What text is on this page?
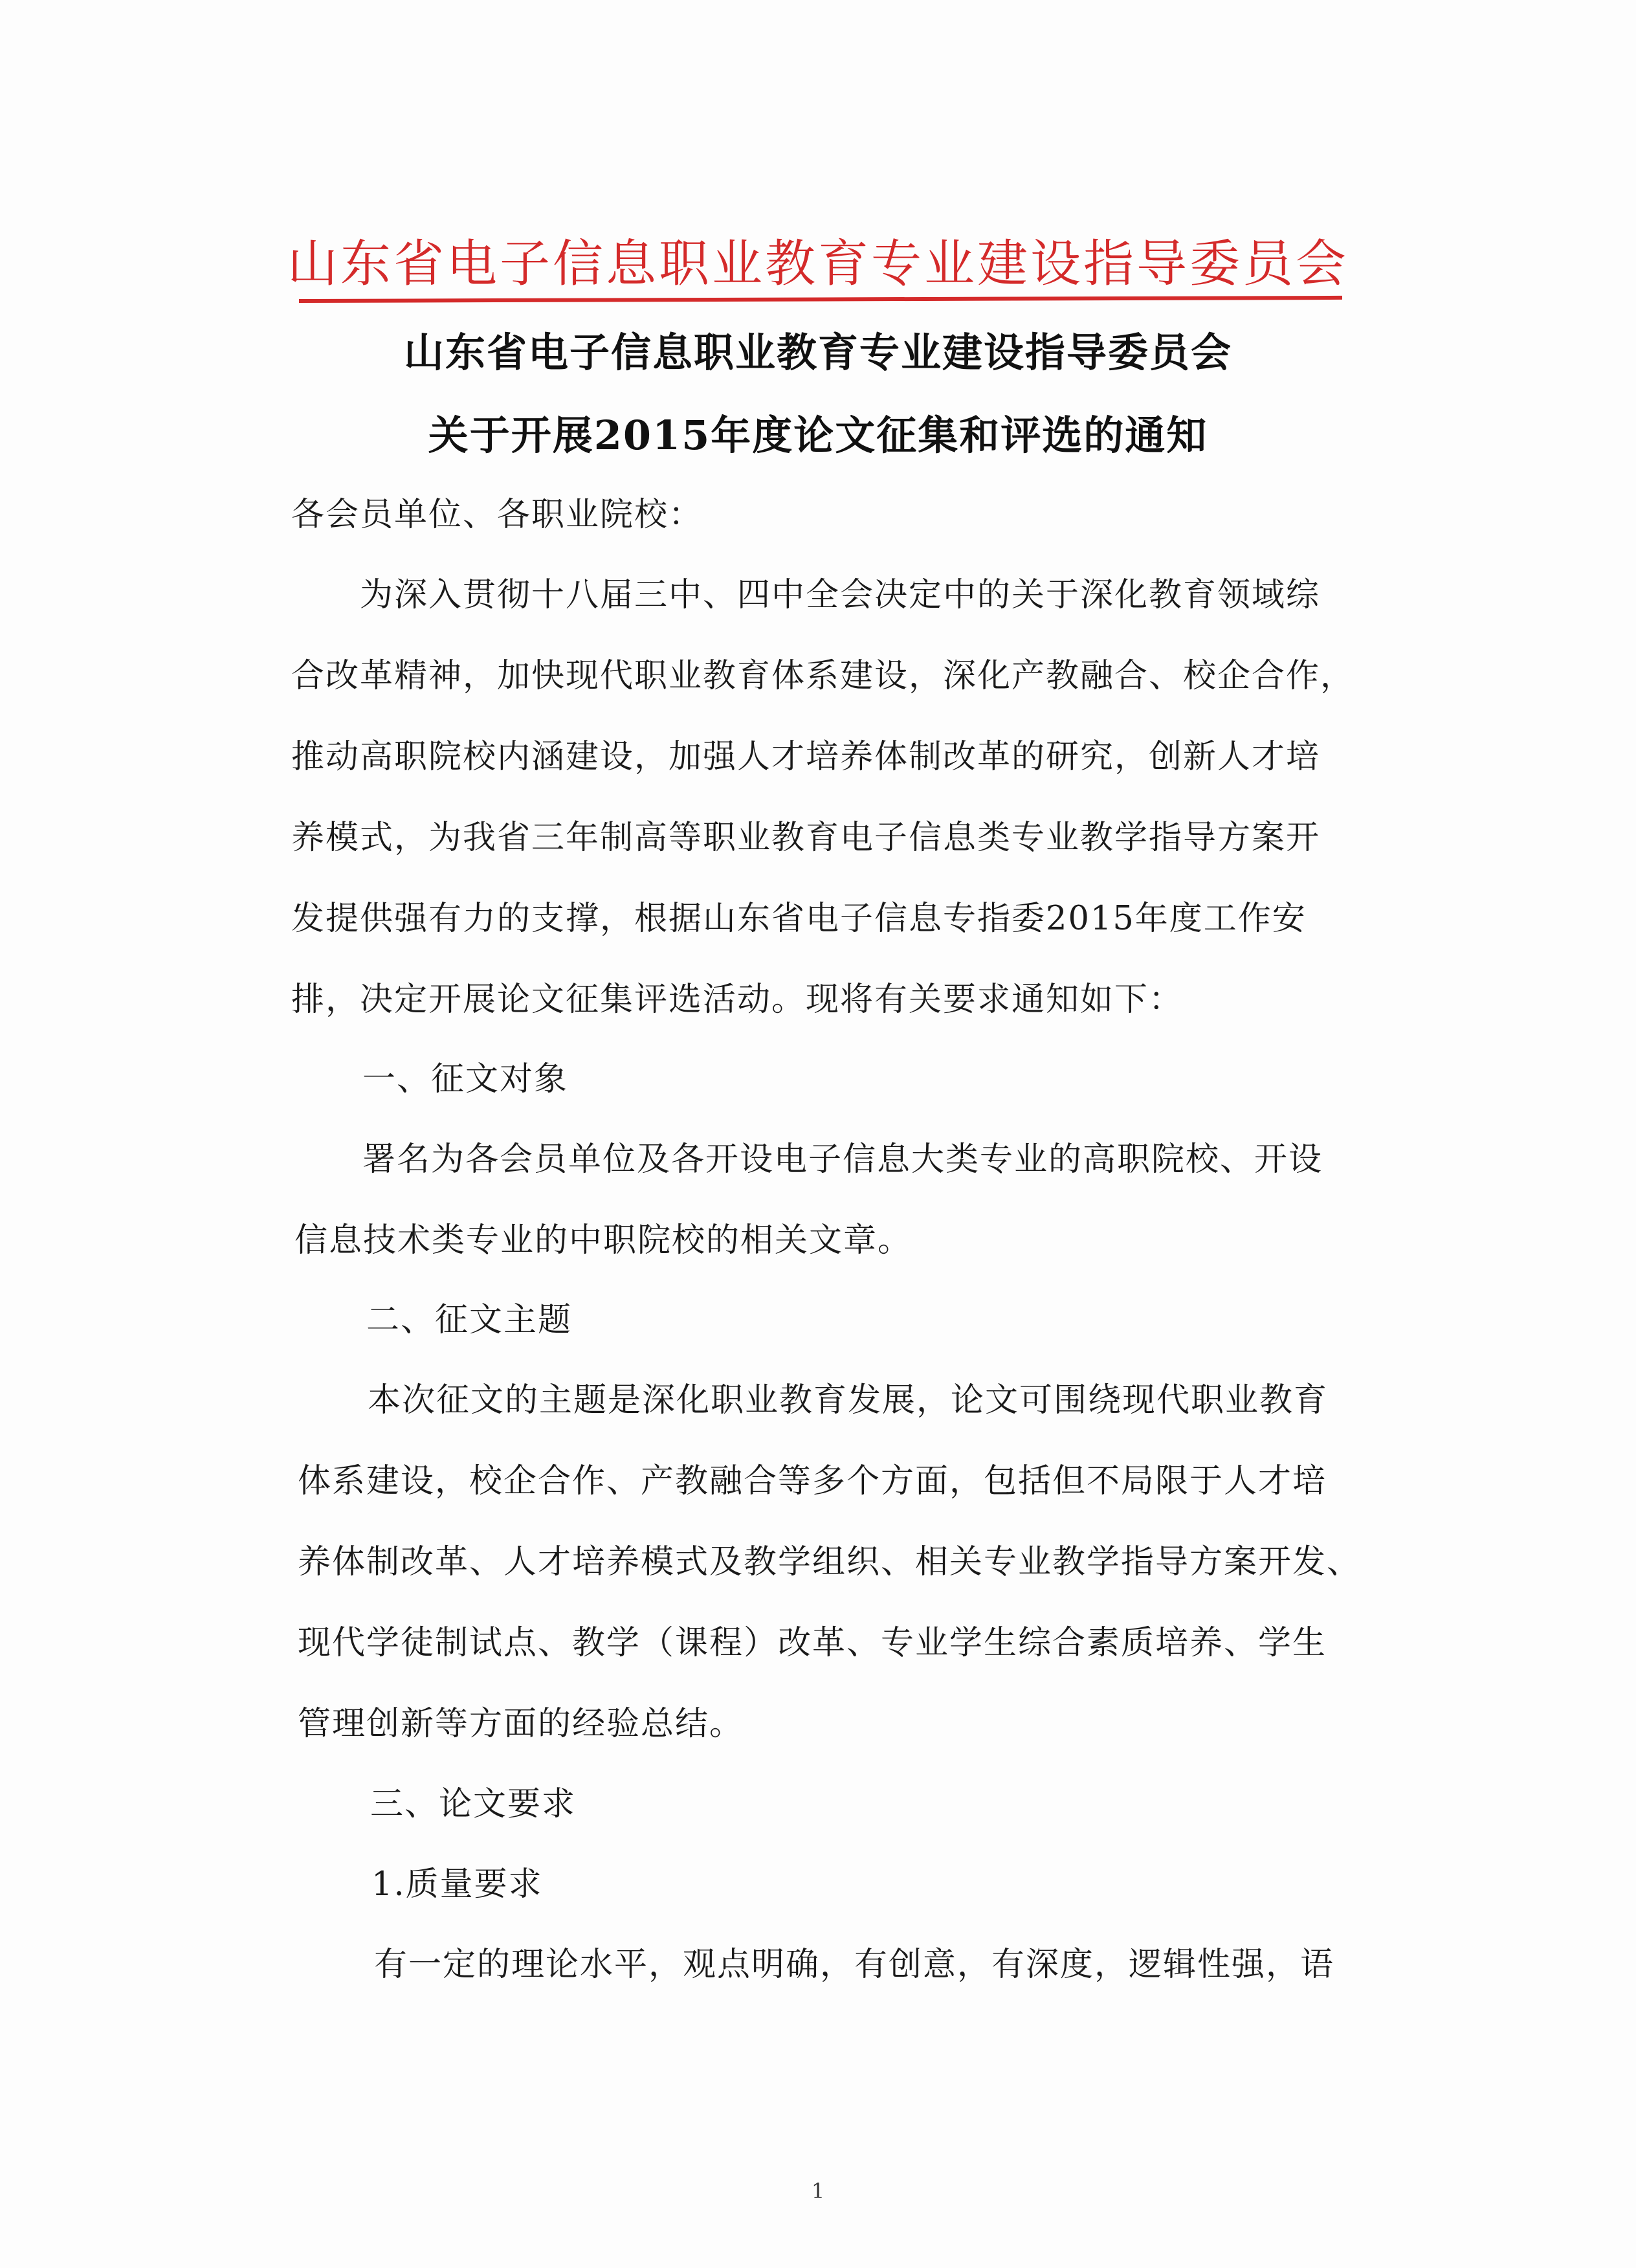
山东省电子信息职业教育专业建设指导委员会
山东省电子信息职业教育专业建设指导委员会
关于开展2015年度论文征集和评选的通知
各会员单位、各职业院校：
为深入贯彻十八届三中、四中全会决定中的关于深化教育领域综
合改革精神，加快现代职业教育体系建设，深化产教融合、校企合作，
推动高职院校内涵建设，加强人才培养体制改革的研究，创新人才培
养模式，为我省三年制高等职业教育电子信息类专业教学指导方案开
发提供强有力的支撑，根据山东省电子信息专指委2015年度工作安
排，决定开展论文征集评选活动。现将有关要求通知如下：
一、征文对象
署名为各会员单位及各开设电子信息大类专业的高职院校、开设
信息技术类专业的中职院校的相关文章。
二、征文主题
本次征文的主题是深化职业教育发展，论文可围绕现代职业教育
体系建设，校企合作、产教融合等多个方面，包括但不局限于人才培
养体制改革、人才培养模式及教学组织、相关专业教学指导方案开发、
现代学徒制试点、教学（课程）改革、专业学生综合素质培养、学生
管理创新等方面的经验总结。
三、论文要求
1.质量要求
有一定的理论水平，观点明确，有创意，有深度，逻辑性强，语
1
